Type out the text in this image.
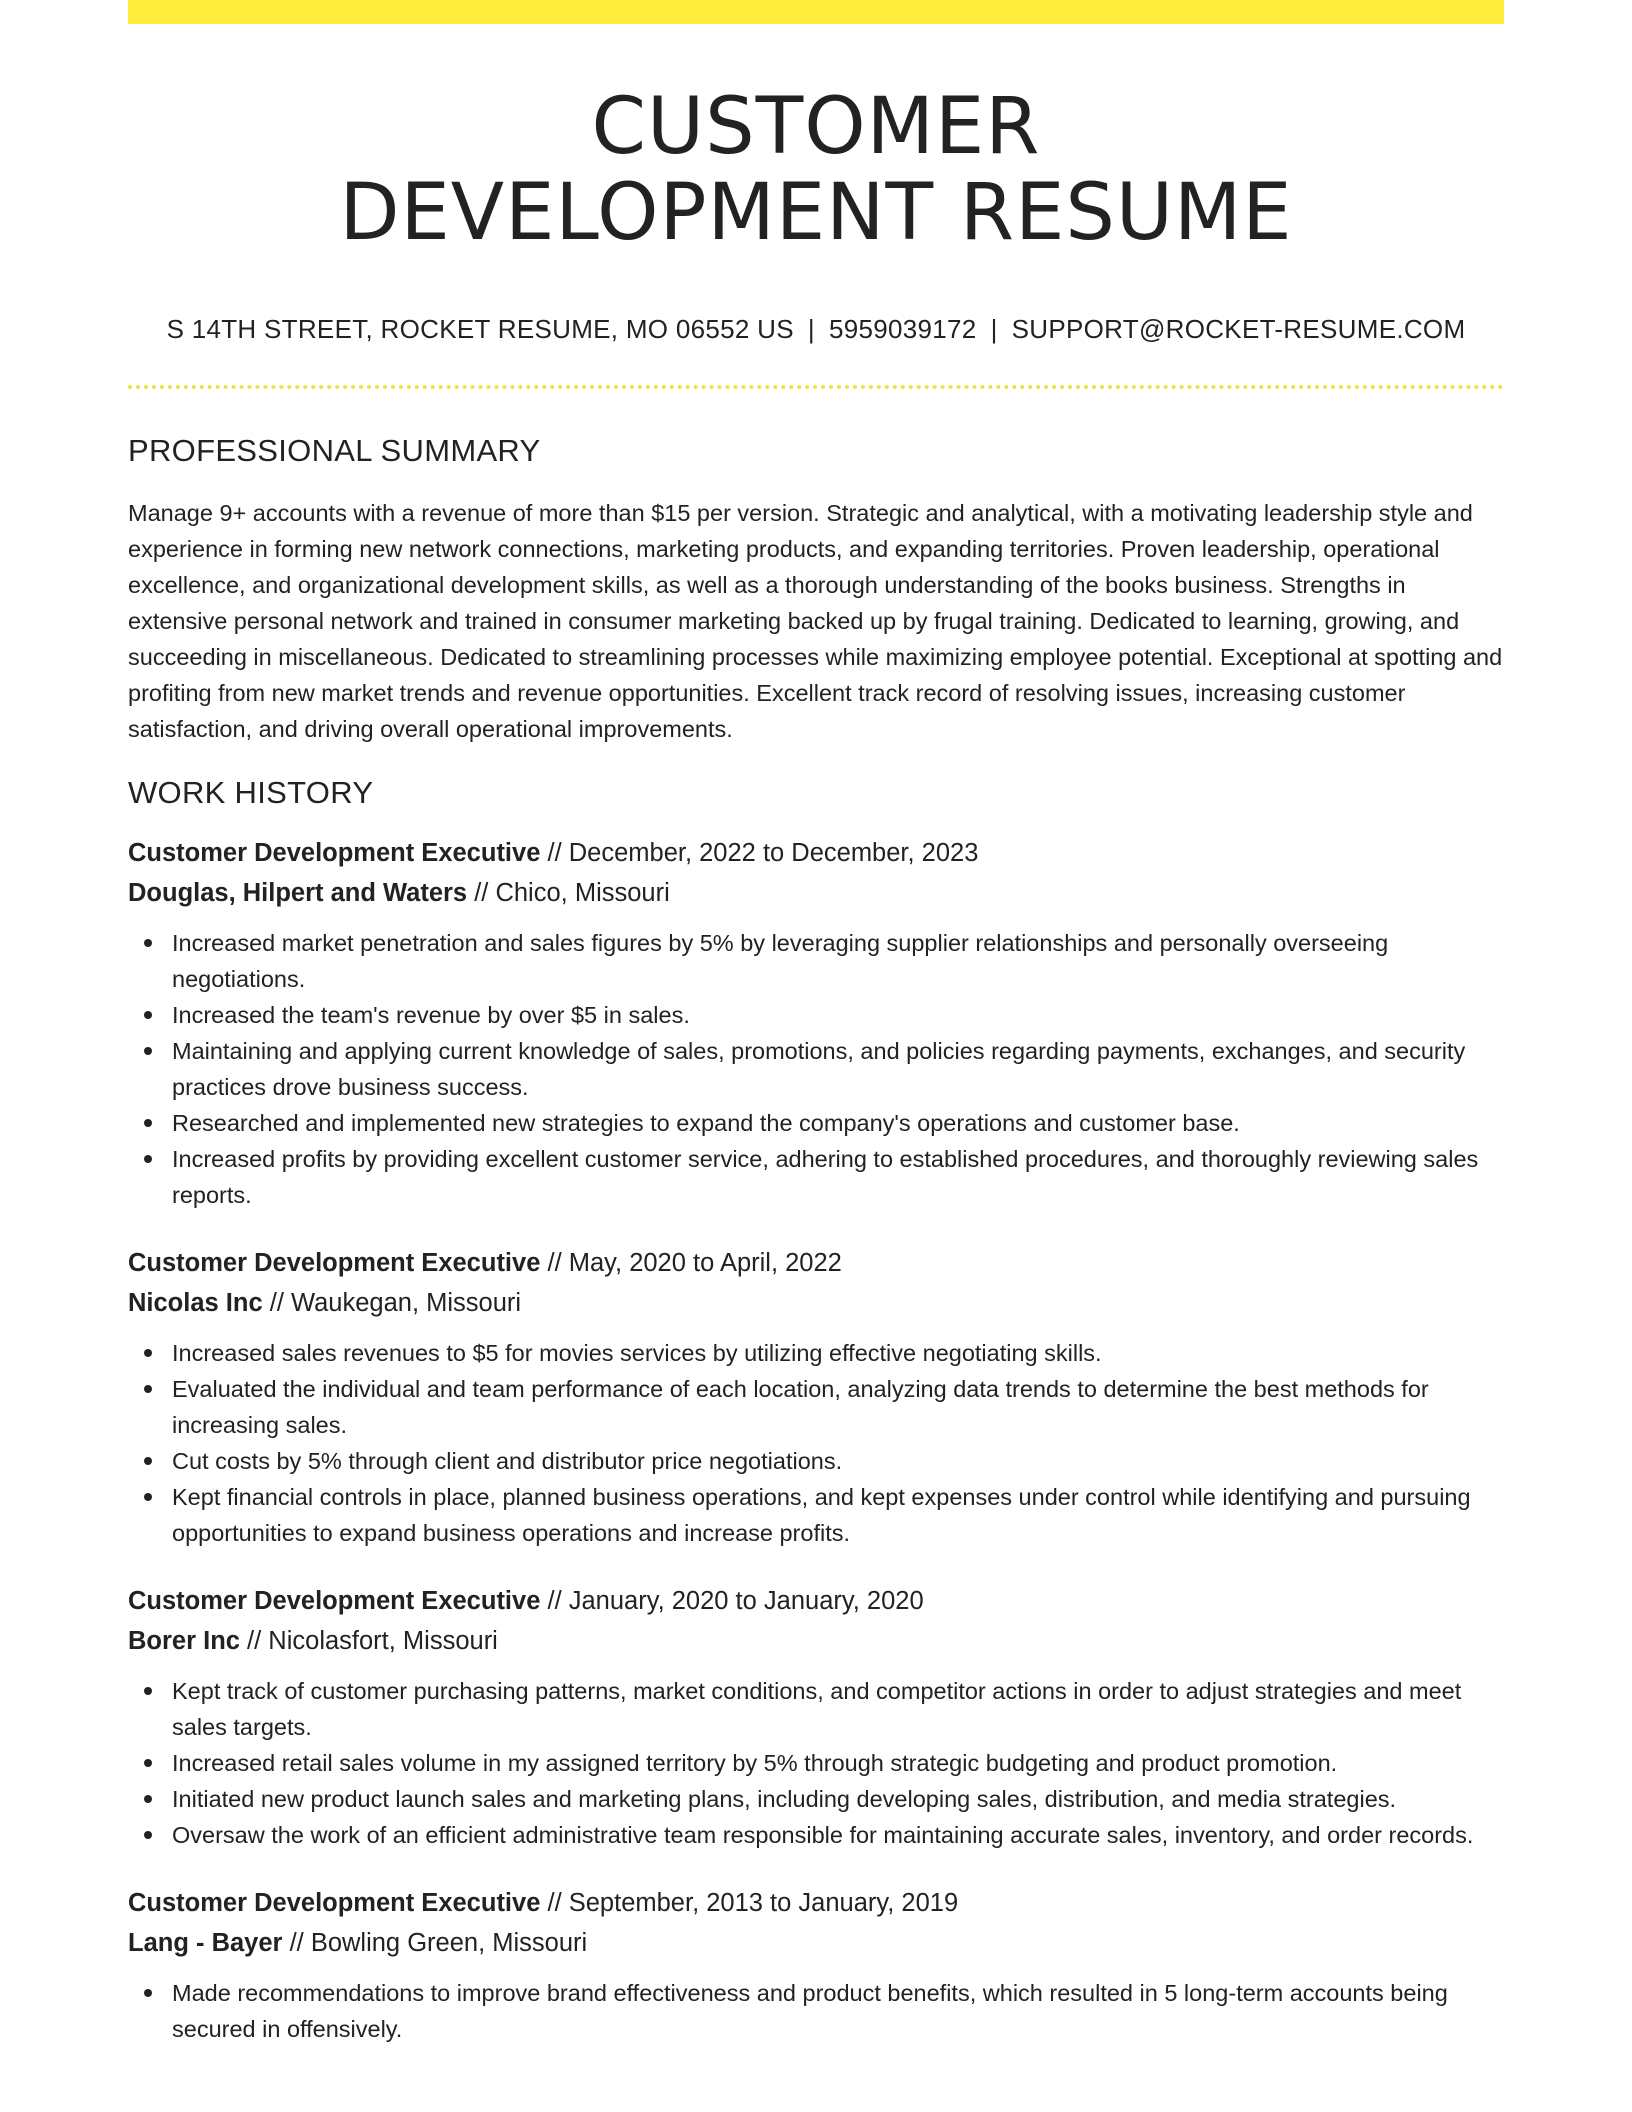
CUSTOMER
DEVELOPMENT RESUME
S 14TH STREET, ROCKET RESUME, MO 06552 US | 5959039172 | SUPPORT@ROCKET-RESUME.COM
PROFESSIONAL SUMMARY

Manage 9+ accounts with a revenue of more than $15 per version. Strategic and analytical, with a motivating leadership style and experience in forming new network connections, marketing products, and expanding territories. Proven leadership, operational excellence, and organizational development skills, as well as a thorough understanding of the books business. Strengths in extensive personal network and trained in consumer marketing backed up by frugal training. Dedicated to learning, growing, and succeeding in miscellaneous. Dedicated to streamlining processes while maximizing employee potential. Exceptional at spotting and profiting from new market trends and revenue opportunities. Excellent track record of resolving issues, increasing customer satisfaction, and driving overall operational improvements.

WORK HISTORY
Customer Development Executive // December, 2022 to December, 2023
Douglas, Hilpert and Waters // Chico, Missouri
Increased market penetration and sales figures by 5% by leveraging supplier relationships and personally overseeing negotiations.
Increased the team's revenue by over $5 in sales.
Maintaining and applying current knowledge of sales, promotions, and policies regarding payments, exchanges, and security practices drove business success.
Researched and implemented new strategies to expand the company's operations and customer base.
Increased profits by providing excellent customer service, adhering to established procedures, and thoroughly reviewing sales reports.
Customer Development Executive // May, 2020 to April, 2022
Nicolas Inc // Waukegan, Missouri
Increased sales revenues to $5 for movies services by utilizing effective negotiating skills.
Evaluated the individual and team performance of each location, analyzing data trends to determine the best methods for increasing sales.
Cut costs by 5% through client and distributor price negotiations.
Kept financial controls in place, planned business operations, and kept expenses under control while identifying and pursuing opportunities to expand business operations and increase profits.
Customer Development Executive // January, 2020 to January, 2020
Borer Inc // Nicolasfort, Missouri
Kept track of customer purchasing patterns, market conditions, and competitor actions in order to adjust strategies and meet sales targets.
Increased retail sales volume in my assigned territory by 5% through strategic budgeting and product promotion.
Initiated new product launch sales and marketing plans, including developing sales, distribution, and media strategies.
Oversaw the work of an efficient administrative team responsible for maintaining accurate sales, inventory, and order records.
Customer Development Executive // September, 2013 to January, 2019
Lang - Bayer // Bowling Green, Missouri
Made recommendations to improve brand effectiveness and product benefits, which resulted in 5 long-term accounts being secured in offensively.
